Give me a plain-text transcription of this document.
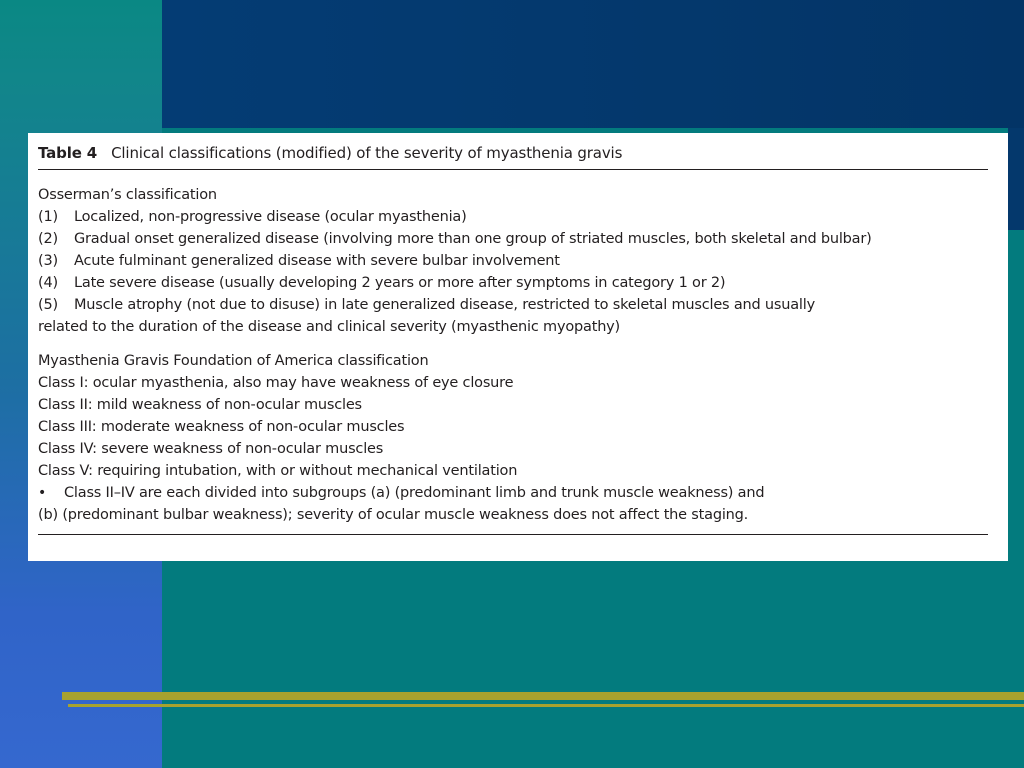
Table 4 Clinical classifications (modified) of the severity of myasthenia gravis
Osserman’s classification
(1) Localized, non-progressive disease (ocular myasthenia)
(2) Gradual onset generalized disease (involving more than one group of striated muscles, both skeletal and bulbar)
(3) Acute fulminant generalized disease with severe bulbar involvement
(4) Late severe disease (usually developing 2 years or more after symptoms in category 1 or 2)
(5) Muscle atrophy (not due to disuse) in late generalized disease, restricted to skeletal muscles and usually
related to the duration of the disease and clinical severity (myasthenic myopathy)
Myasthenia Gravis Foundation of America classification
Class I: ocular myasthenia, also may have weakness of eye closure
Class II: mild weakness of non-ocular muscles
Class III: moderate weakness of non-ocular muscles
Class IV: severe weakness of non-ocular muscles
Class V: requiring intubation, with or without mechanical ventilation
• Class II–IV are each divided into subgroups (a) (predominant limb and trunk muscle weakness) and
(b) (predominant bulbar weakness); severity of ocular muscle weakness does not affect the staging.
